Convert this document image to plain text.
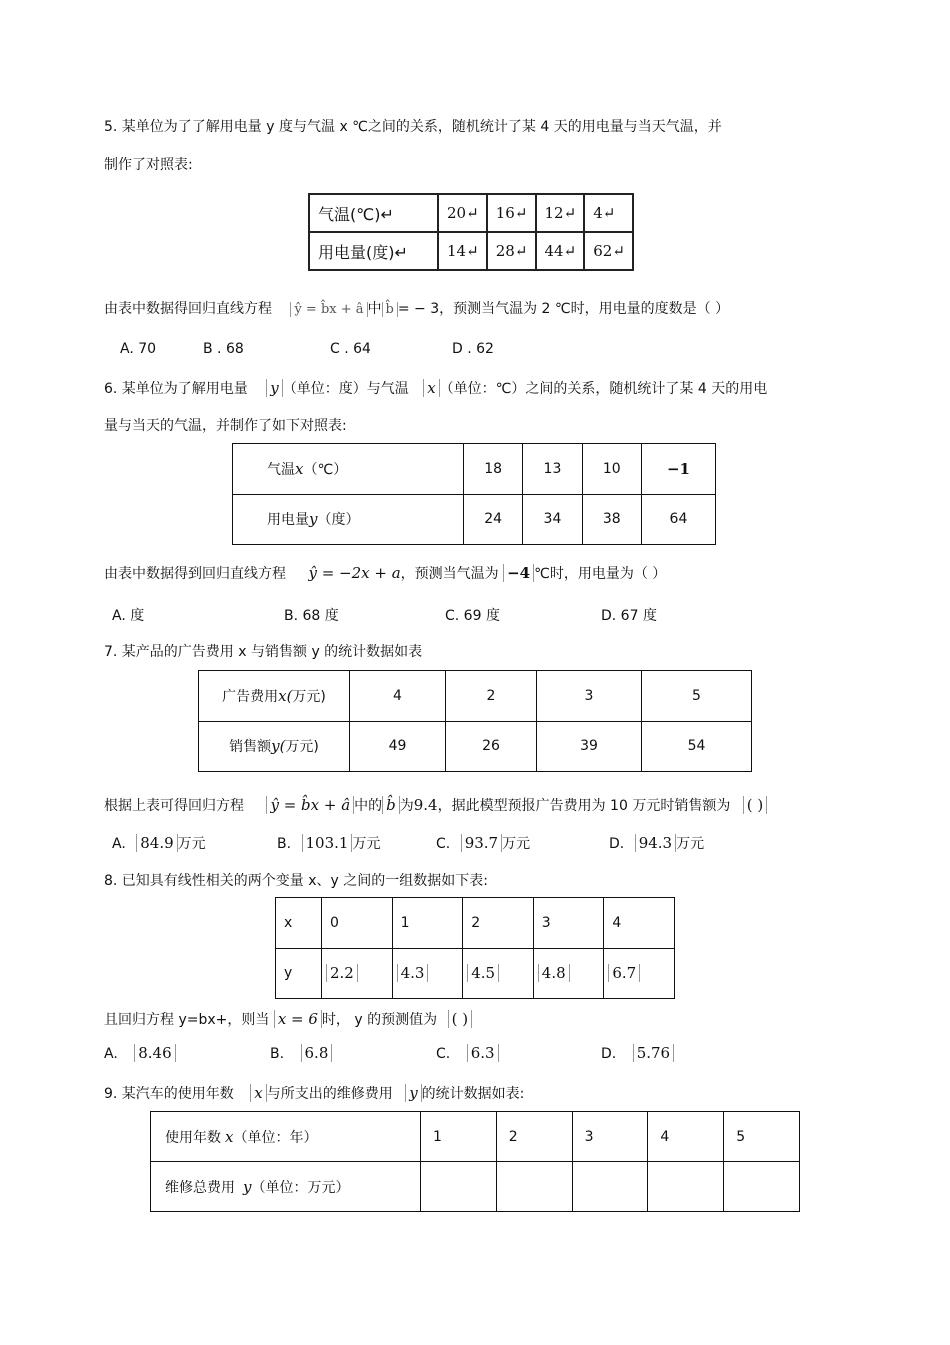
5. 某单位为了了解用电量 y 度与气温 x ℃之间的关系，随机统计了某 4 天的用电量与当天气温，并
制作了对照表:
气温(℃)↵	20↵	16↵	12↵	4↵
用电量(度)↵	14↵	28↵	44↵	62↵
由表中数据得回归直线方程 ŷ = b̂x + â 中 b̂ = − 3，预测当气温为 2 ℃时，用电量的度数是（ ）
A. 70	B . 68	C . 64	D . 62
6. 某单位为了解用电量 y （单位：度）与气温 x （单位：℃）之间的关系，随机统计了某 4 天的用电
量与当天的气温，并制作了如下对照表:
气温x（℃）	18	13	10	−1
用电量y（度）	24	34	38	64
由表中数据得到回归直线方程 ŷ = −2x + a，预测当气温为 −4 ℃时，用电量为（ ）
A. 度	B. 68 度	C. 69 度	D. 67 度
7. 某产品的广告费用 x 与销售额 y 的统计数据如表
广告费用x(万元)	4	2	3	5
销售额y(万元)	49	26	39	54
根据上表可得回归方程 ŷ = b̂x + â 中的 b̂ 为9.4，据此模型预报广告费用为 10 万元时销售额为 ( )
A. 84.9 万元	B. 103.1 万元	C. 93.7 万元	D. 94.3 万元
8. 已知具有线性相关的两个变量 x、y 之间的一组数据如下表:
x	0	1	2	3	4
y	2.2	4.3	4.5	4.8	6.7
且回归方程 y=bx+，则当 x = 6 时， y 的预测值为 ( )
A. 8.46	B. 6.8	C. 6.3	D. 5.76
9. 某汽车的使用年数 x 与所支出的维修费用 y 的统计数据如表:
使用年数 x（单位：年）	1	2	3	4	5
维修总费用 y（单位：万元）					
